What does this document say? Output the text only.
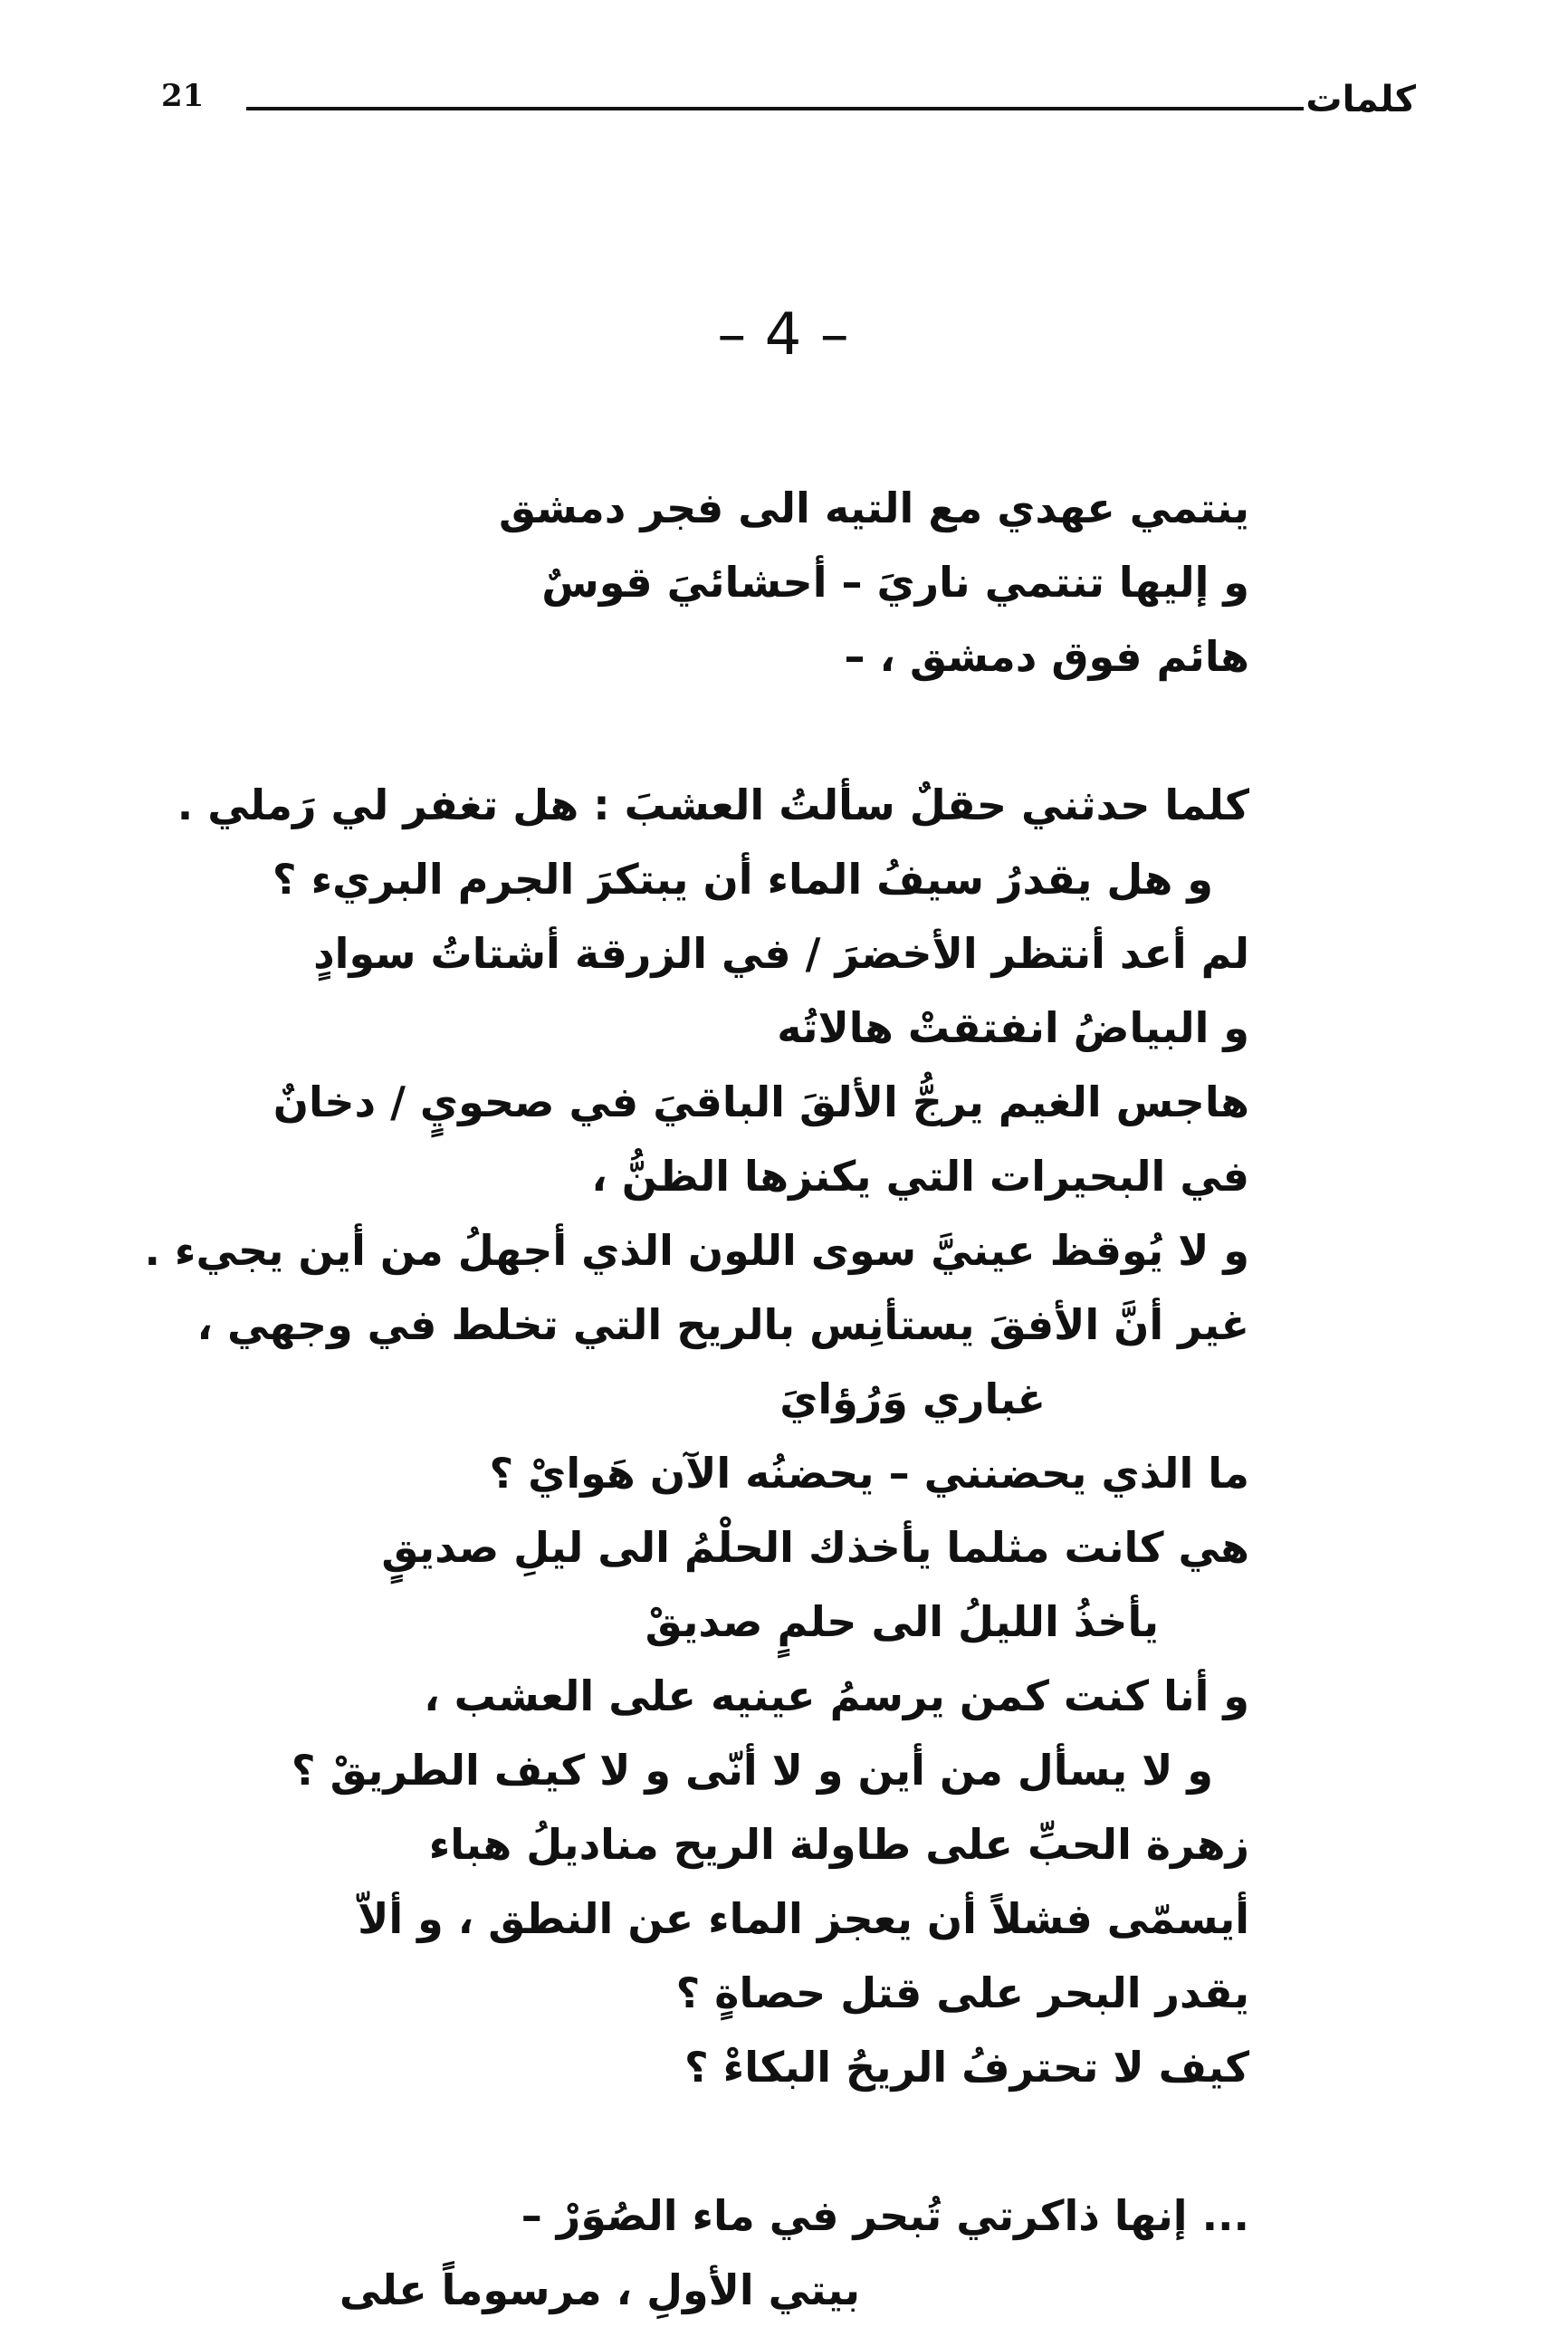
21	كلمات
– 4 –
ينتمي عهدي مع التيه الى فجر دمشق
و إليها تنتمي ناريَ – أحشائيَ قوسٌ
هائم فوق دمشق ، –
كلما حدثني حقلٌ سألتُ العشبَ : هل تغفر لي رَملي .
و هل يقدرُ سيفُ الماء أن يبتكرَ الجرم البريء ؟
لم أعد أنتظر الأخضرَ / في الزرقة أشتاتُ سوادٍ
و البياضُ انفتقتْ هالاتُه
هاجس الغيم يرجُّ الألقَ الباقيَ في صحويٍ / دخانٌ
في البحيرات التي يكنزها الظنُّ ،
و لا يُوقظ عينيَّ سوى اللون الذي أجهلُ من أين يجيء .
غير أنَّ الأفقَ يستأنِس بالريح التي تخلط في وجهي ،
غباري وَرُؤايَ
ما الذي يحضنني – يحضنُه الآن هَوايْ ؟
هي كانت مثلما يأخذك الحلْمُ الى ليلِ صديقٍ
يأخذُ الليلُ الى حلمٍ صديقْ
و أنا كنت كمن يرسمُ عينيه على العشب ،
و لا يسأل من أين و لا أنّى و لا كيف الطريقْ ؟
زهرة الحبِّ على طاولة الريح مناديلُ هباء
أيسمّى فشلاً أن يعجز الماء عن النطق ، و ألاّ
يقدر البحر على قتل حصاةٍ ؟
كيف لا تحترفُ الريحُ البكاءْ ؟
... إنها ذاكرتي تُبحر في ماء الصُوَرْ –
بيتي الأولِ ، مرسوماً على
